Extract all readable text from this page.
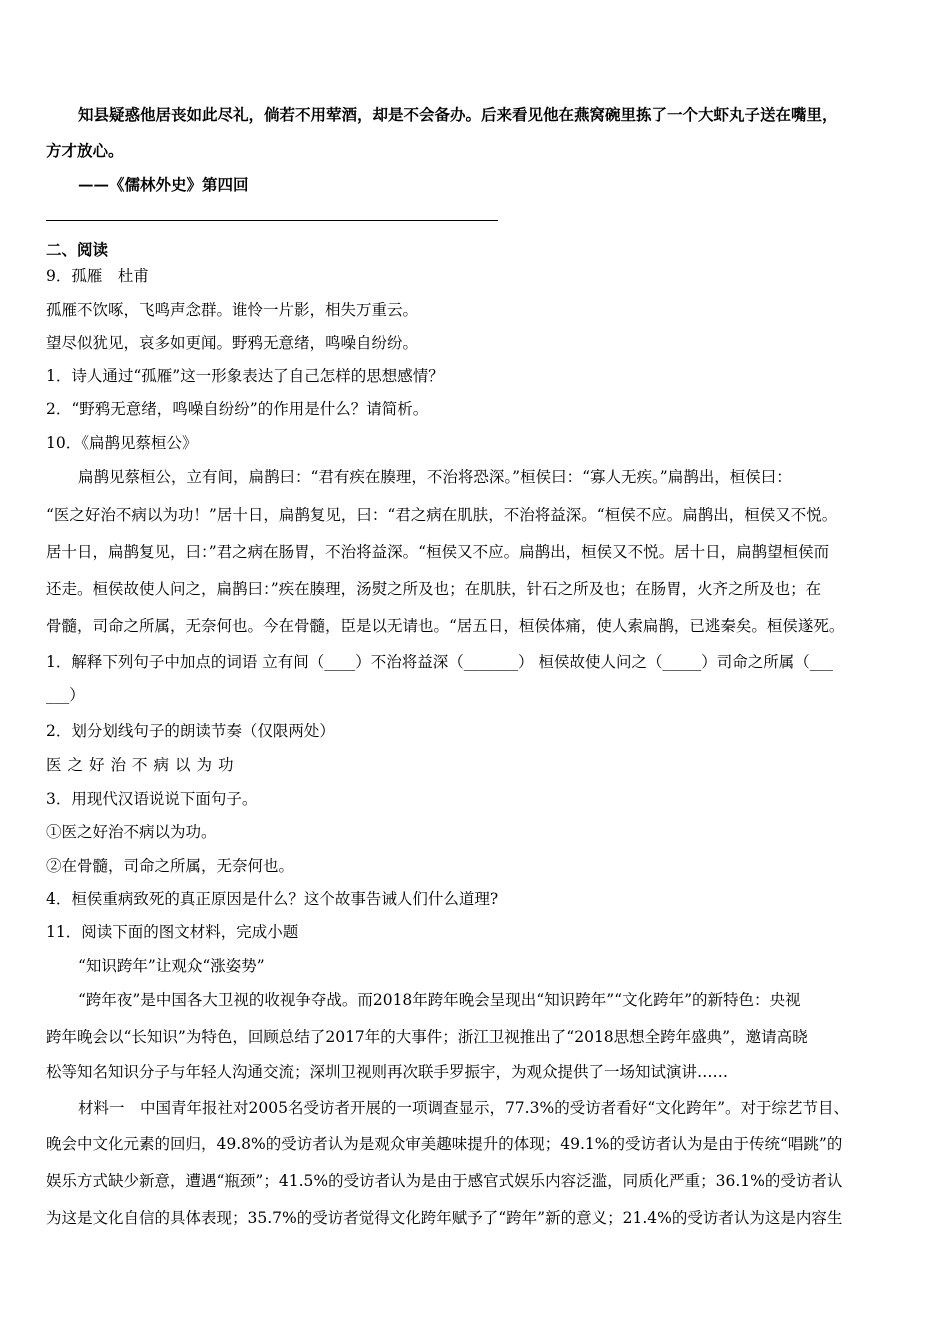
知县疑惑他居丧如此尽礼，倘若不用荤酒，却是不会备办。后来看见他在燕窝碗里拣了一个大虾丸子送在嘴里，
方才放心。
——《儒林外史》第四回
二、阅读
9．孤雁　杜甫
孤雁不饮啄，飞鸣声念群。谁怜一片影，相失万重云。
望尽似犹见，哀多如更闻。野鸦无意绪，鸣噪自纷纷。
1．诗人通过“孤雁”这一形象表达了自己怎样的思想感情？
2．“野鸦无意绪，鸣噪自纷纷”的作用是什么？请简析。
10．《扁鹊见蔡桓公》
扁鹊见蔡桓公，立有间，扁鹊曰：“君有疾在腠理，不治将恐深。”桓侯曰：“寡人无疾。”扁鹊出，桓侯曰：
“医之好治不病以为功！”居十日，扁鹊复见，曰：“君之病在肌肤，不治将益深。“桓侯不应。扁鹊出，桓侯又不悦。
居十日，扁鹊复见，曰：”君之病在肠胃，不治将益深。“桓侯又不应。扁鹊出，桓侯又不悦。居十日，扁鹊望桓侯而
还走。桓侯故使人问之，扁鹊曰：”疾在腠理，汤熨之所及也；在肌肤，针石之所及也；在肠胃，火齐之所及也；在
骨髓，司命之所属，无奈何也。今在骨髓，臣是以无请也。“居五日，桓侯体痛，使人索扁鹊，已逃秦矣。桓侯遂死。
1．解释下列句子中加点的词语 立有间（____）不治将益深（_______） 桓侯故使人问之（_____）司命之所属（___
___）
2．划分划线句子的朗读节奏（仅限两处）
医之好治不病以为功
3．用现代汉语说说下面句子。
①医之好治不病以为功。
②在骨髓，司命之所属，无奈何也。
4．桓侯重病致死的真正原因是什么？这个故事告诫人们什么道理?
11．阅读下面的图文材料，完成小题
“知识跨年”让观众“涨姿势”
“跨年夜”是中国各大卫视的收视争夺战。而2018年跨年晚会呈现出“知识跨年”“文化跨年”的新特色：央视
跨年晚会以“长知识”为特色，回顾总结了2017年的大事件；浙江卫视推出了“2018思想全跨年盛典”，邀请高晓
松等知名知识分子与年轻人沟通交流；深圳卫视则再次联手罗振宇，为观众提供了一场知试演讲……
材料一　中国青年报社对2005名受访者开展的一项调查显示，77.3%的受访者看好“文化跨年”。对于综艺节目、
晚会中文化元素的回归，49.8%的受访者认为是观众审美趣味提升的体现；49.1%的受访者认为是由于传统“唱跳”的
娱乐方式缺少新意，遭遇“瓶颈”；41.5%的受访者认为是由于感官式娱乐内容泛滥，同质化严重；36.1%的受访者认
为这是文化自信的具体表现；35.7%的受访者觉得文化跨年赋予了“跨年”新的意义；21.4%的受访者认为这是内容生
